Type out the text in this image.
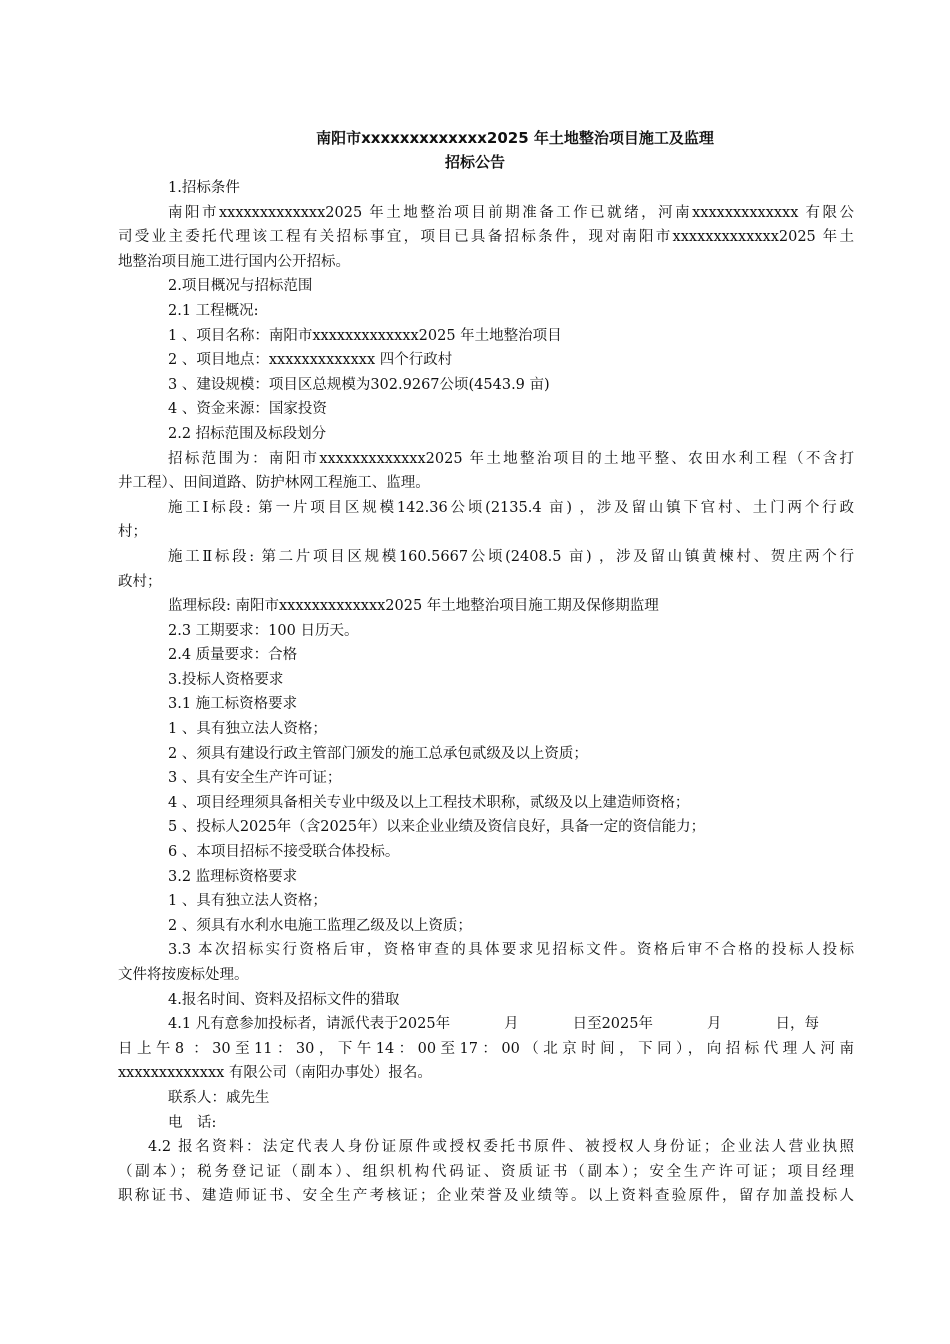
南阳市xxxxxxxxxxxxx2025 年土地整治项目施工及监理
招标公告

1.招标条件

南阳市xxxxxxxxxxxxx2025 年土地整治项目前期准备工作已就绪，河南xxxxxxxxxxxxx 有限公

司受业主委托代理该工程有关招标事宜，项目已具备招标条件，现对南阳市xxxxxxxxxxxxx2025 年土

地整治项目施工进行国内公开招标。

2.项目概况与招标范围

2.1 工程概况:

1 、项目名称：南阳市xxxxxxxxxxxxx2025 年土地整治项目

2 、项目地点：xxxxxxxxxxxxx 四个行政村

3 、建设规模：项目区总规模为302.9267公顷(4543.9 亩)

4 、资金来源：国家投资

2.2 招标范围及标段划分

招标范围为：南阳市xxxxxxxxxxxxx2025 年土地整治项目的土地平整、农田水利工程（不含打

井工程）、田间道路、防护林网工程施工、监理。

施工Ⅰ标段: 第一片项目区规模142.36公顷(2135.4 亩) ，涉及留山镇下官村、土门两个行政

村；

施工Ⅱ标段: 第二片项目区规模160.5667公顷(2408.5 亩) ，涉及留山镇黄楝村、贺庄两个行

政村；

监理标段: 南阳市xxxxxxxxxxxxx2025 年土地整治项目施工期及保修期监理

2.3 工期要求：100 日历天。

2.4 质量要求：合格

3.投标人资格要求

3.1 施工标资格要求

1 、具有独立法人资格；

2 、须具有建设行政主管部门颁发的施工总承包贰级及以上资质；

3 、具有安全生产许可证；

4 、项目经理须具备相关专业中级及以上工程技术职称，贰级及以上建造师资格；

5 、投标人2025年（含2025年）以来企业业绩及资信良好，具备一定的资信能力；

6 、本项目招标不接受联合体投标。

3.2 监理标资格要求

1 、具有独立法人资格；

2 、须具有水利水电施工监理乙级及以上资质；

3.3 本次招标实行资格后审，资格审查的具体要求见招标文件。资格后审不合格的投标人投标

文件将按废标处理。

4.报名时间、资料及招标文件的猎取

4.1 凡有意参加投标者，请派代表于2025年	月	日至2025年	月	日，每

日上午8 ：30至11：30，下午14：00至17：00（北京时间，下同），向招标代理人河南

xxxxxxxxxxxxx 有限公司（南阳办事处）报名。

联系人：戚先生

电　话:

4.2 报名资料：法定代表人身份证原件或授权委托书原件、被授权人身份证；企业法人营业执照

（副本）；税务登记证（副本）、组织机构代码证、资质证书（副本）；安全生产许可证；项目经理

职称证书、建造师证书、安全生产考核证；企业荣誉及业绩等。以上资料查验原件，留存加盖投标人
